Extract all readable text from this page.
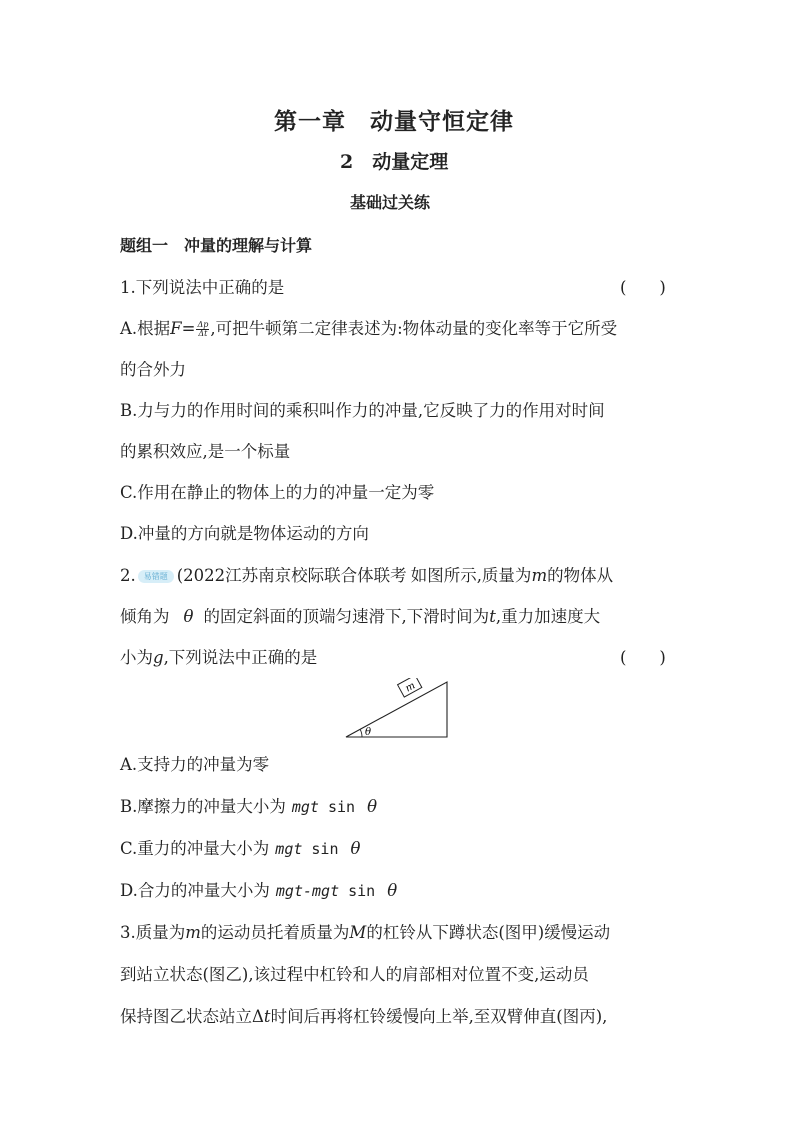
第一章　动量守恒定律
2　动量定理
基础过关练
题组一　冲量的理解与计算
1.下列说法中正确的是	(　　)
A.根据$F= \frac{\Delta p}{\Delta t}$ ,可把牛顿第二定律表述为:物体动量的变化率等于它所受
的合外力
B.力与力的作用时间的乘积叫作力的冲量,它反映了力的作用对时间
的累积效应,是一个标量
C.作用在静止的物体上的力的冲量一定为零
D.冲量的方向就是物体运动的方向
2. 易错题 (2022江苏南京校际联合体联考 如图所示,质量为m的物体从
倾角为 θ 的固定斜面的顶端匀速滑下,下滑时间为t,重力加速度大
小为g,下列说法中正确的是	(　　)
m
θ
A.支持力的冲量为零
B.摩擦力的冲量大小为 mgt sin θ
C.重力的冲量大小为 mgt sin θ
D.合力的冲量大小为 mgt-mgt sin θ
3.质量为m的运动员托着质量为M的杠铃从下蹲状态(图甲)缓慢运动
到站立状态(图乙),该过程中杠铃和人的肩部相对位置不变,运动员
保持图乙状态站立Δt时间后再将杠铃缓慢向上举,至双臂伸直(图丙),
